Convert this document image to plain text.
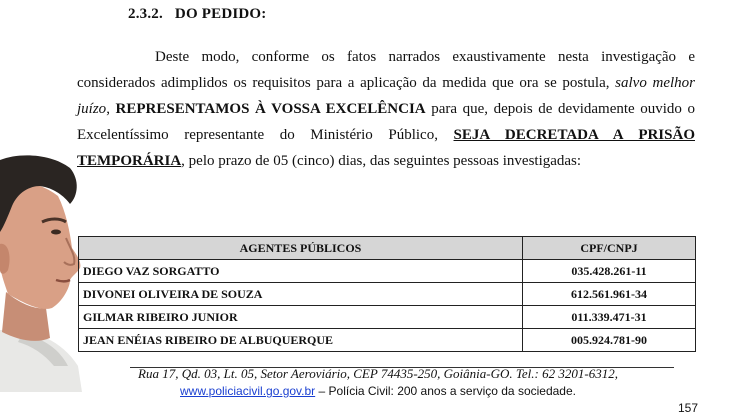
2.3.2. DO PEDIDO:

Deste modo, conforme os fatos narrados exaustivamente nesta investigação e considerados adimplidos os requisitos para a aplicação da medida que ora se postula, salvo melhor juízo, REPRESENTAMOS À VOSSA EXCELÊNCIA para que, depois de devidamente ouvido o Excelentíssimo representante do Ministério Público, SEJA DECRETADA A PRISÃO TEMPORÁRIA, pelo prazo de 05 (cinco) dias, das seguintes pessoas investigadas:

AGENTES PÚBLICOS	CPF/CNPJ
DIEGO VAZ SORGATTO	035.428.261-11
DIVONEI OLIVEIRA DE SOUZA	612.561.961-34
GILMAR RIBEIRO JUNIOR	011.339.471-31
JEAN ENÉIAS RIBEIRO DE ALBUQUERQUE	005.924.781-90
Rua 17, Qd. 03, Lt. 05, Setor Aeroviário, CEP 74435-250, Goiânia-GO. Tel.: 62 3201-6312,
www.policiacivil.go.gov.br – Polícia Civil: 200 anos a serviço da sociedade.
157
